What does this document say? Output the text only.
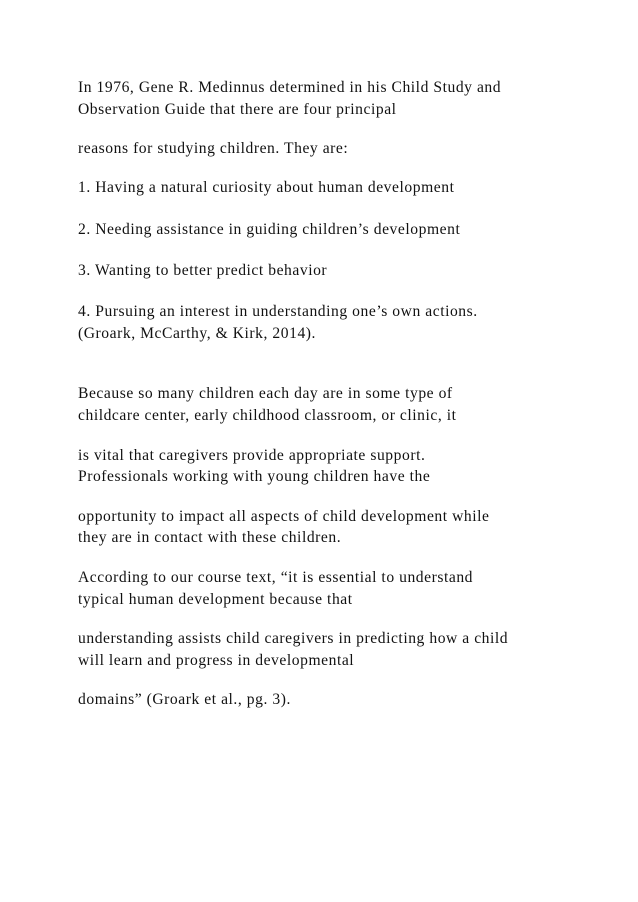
In 1976, Gene R. Medinnus determined in his Child Study and

Observation Guide that there are four principal

reasons for studying children. They are:

1. Having a natural curiosity about human development

2. Needing assistance in guiding children’s development

3. Wanting to better predict behavior

4. Pursuing an interest in understanding one’s own actions.

(Groark, McCarthy, & Kirk, 2014).

Because so many children each day are in some type of

childcare center, early childhood classroom, or clinic, it

is vital that caregivers provide appropriate support.

Professionals working with young children have the

opportunity to impact all aspects of child development while

they are in contact with these children.

According to our course text, “it is essential to understand

typical human development because that

understanding assists child caregivers in predicting how a child

will learn and progress in developmental

domains” (Groark et al., pg. 3).
